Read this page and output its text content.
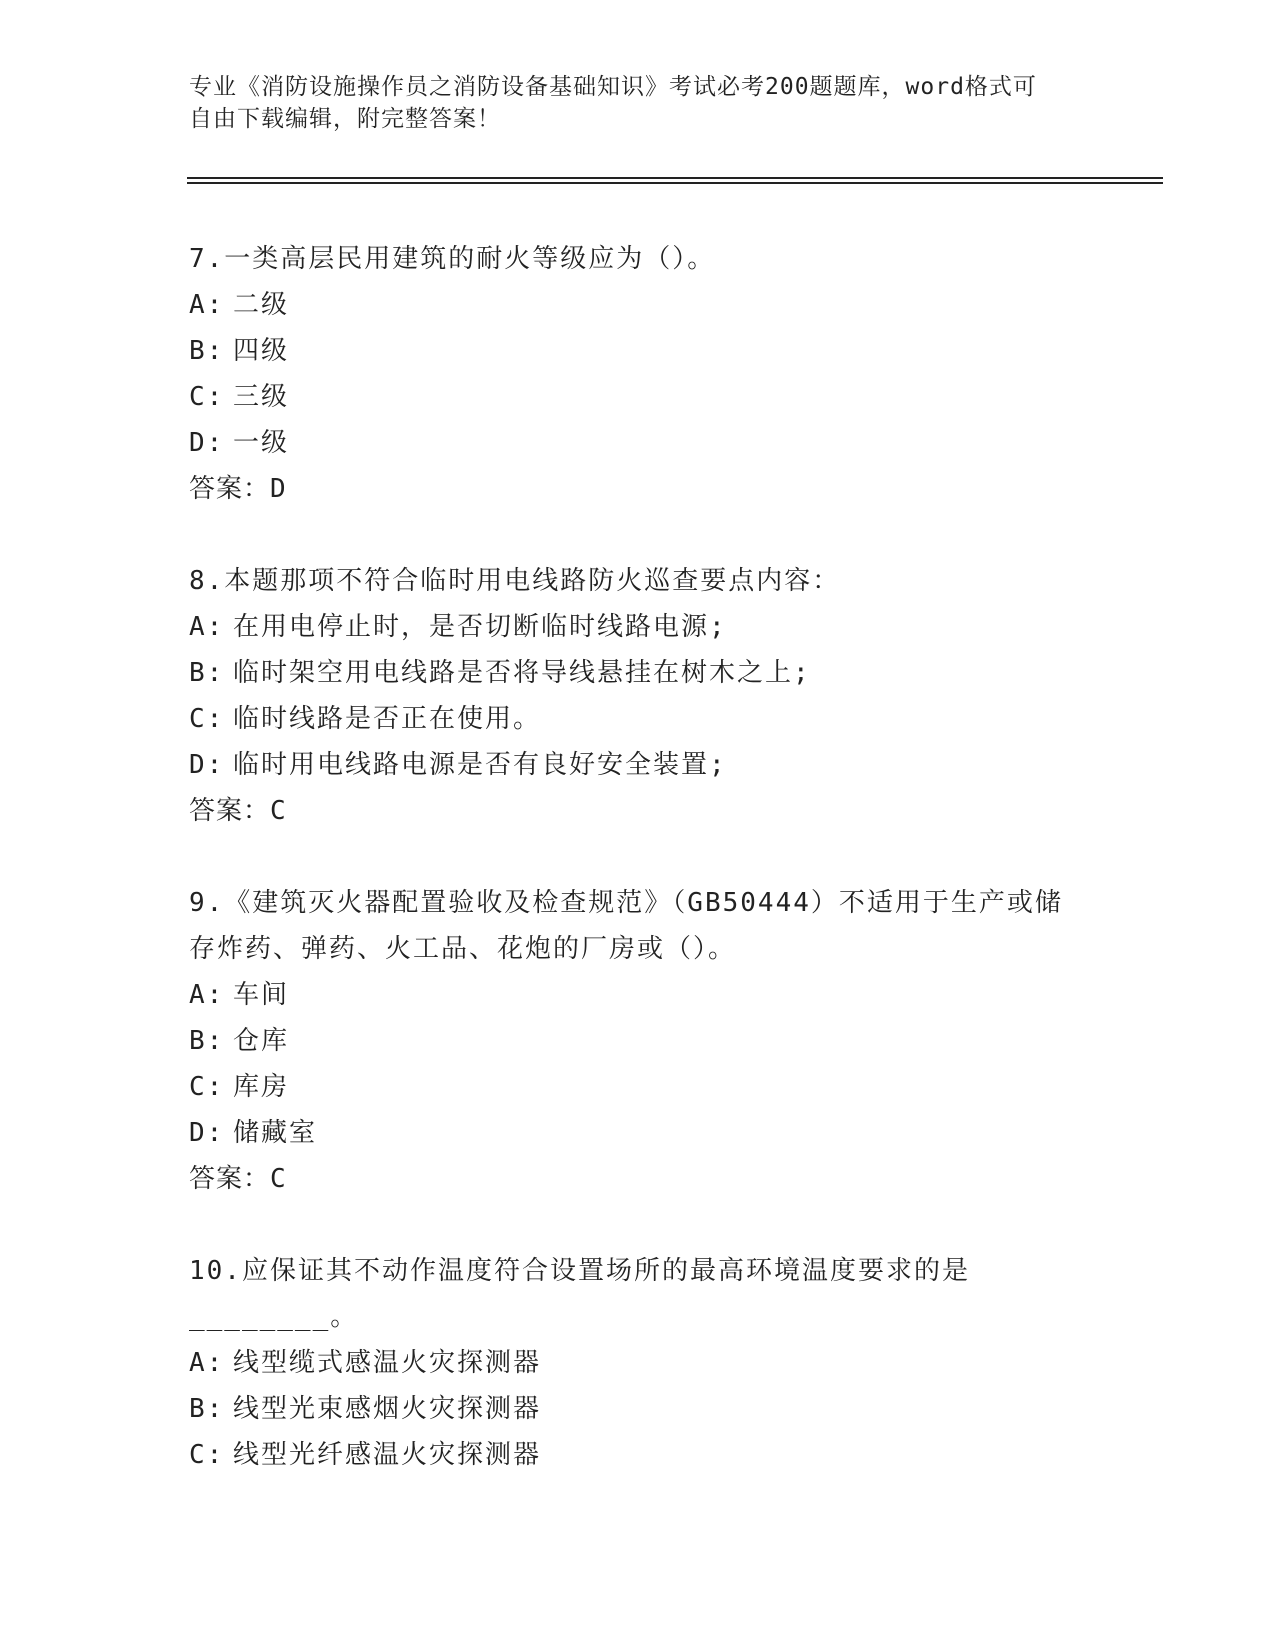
专业《消防设施操作员之消防设备基础知识》考试必考200题题库，word格式可
自由下载编辑，附完整答案！
7.一类高层民用建筑的耐火等级应为（）。
A: 二级
B: 四级
C: 三级
D: 一级
答案：D
8.本题那项不符合临时用电线路防火巡查要点内容：
A: 在用电停止时，是否切断临时线路电源;
B: 临时架空用电线路是否将导线悬挂在树木之上;
C: 临时线路是否正在使用。
D: 临时用电线路电源是否有良好安全装置;
答案：C
9.《建筑灭火器配置验收及检查规范》（GB50444）不适用于生产或储
存炸药、弹药、火工品、花炮的厂房或（）。
A: 车间
B: 仓库
C: 库房
D: 储藏室
答案：C
10.应保证其不动作温度符合设置场所的最高环境温度要求的是
________。
A: 线型缆式感温火灾探测器
B: 线型光束感烟火灾探测器
C: 线型光纤感温火灾探测器
